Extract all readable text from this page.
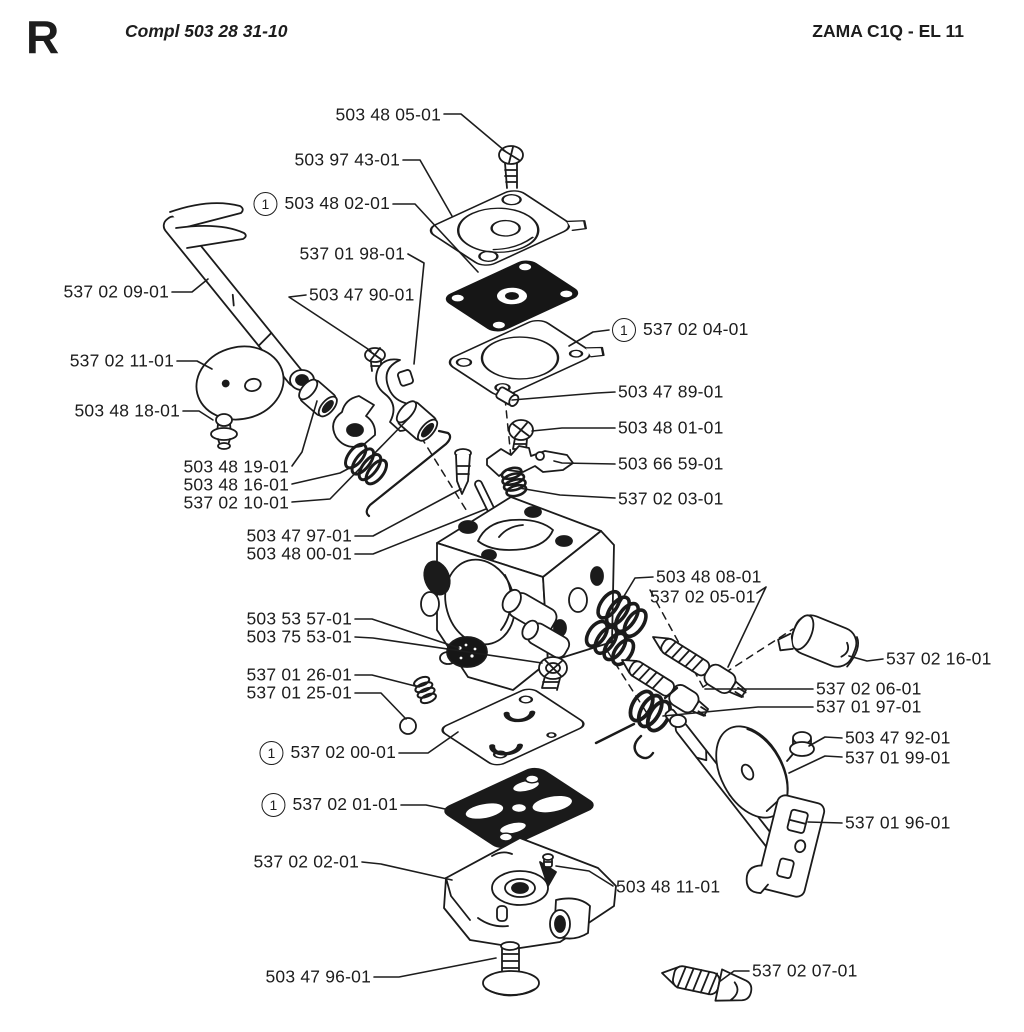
R	Compl 503 28 31-10	ZAMA C1Q - EL 11
503 48 05-01
503 97 43-01
1 503 48 02-01
537 01 98-01
537 02 09-01	503 47 90-01
1 537 02 04-01
537 02 11-01
503 48 18-01
503 48 19-01
503 48 16-01
537 02 10-01
503 47 97-01
503 48 00-01
503 47 89-01
503 48 01-01
503 66 59-01
537 02 03-01
503 48 08-01
537 02 05-01
537 02 16-01
537 02 06-01
537 01 97-01
503 53 57-01
503 75 53-01
537 01 26-01
537 01 25-01
1 537 02 00-01
1 537 02 01-01
537 02 02-01
503 48 11-01
503 47 96-01	537 02 07-01
503 47 92-01
537 01 99-01
537 01 96-01
